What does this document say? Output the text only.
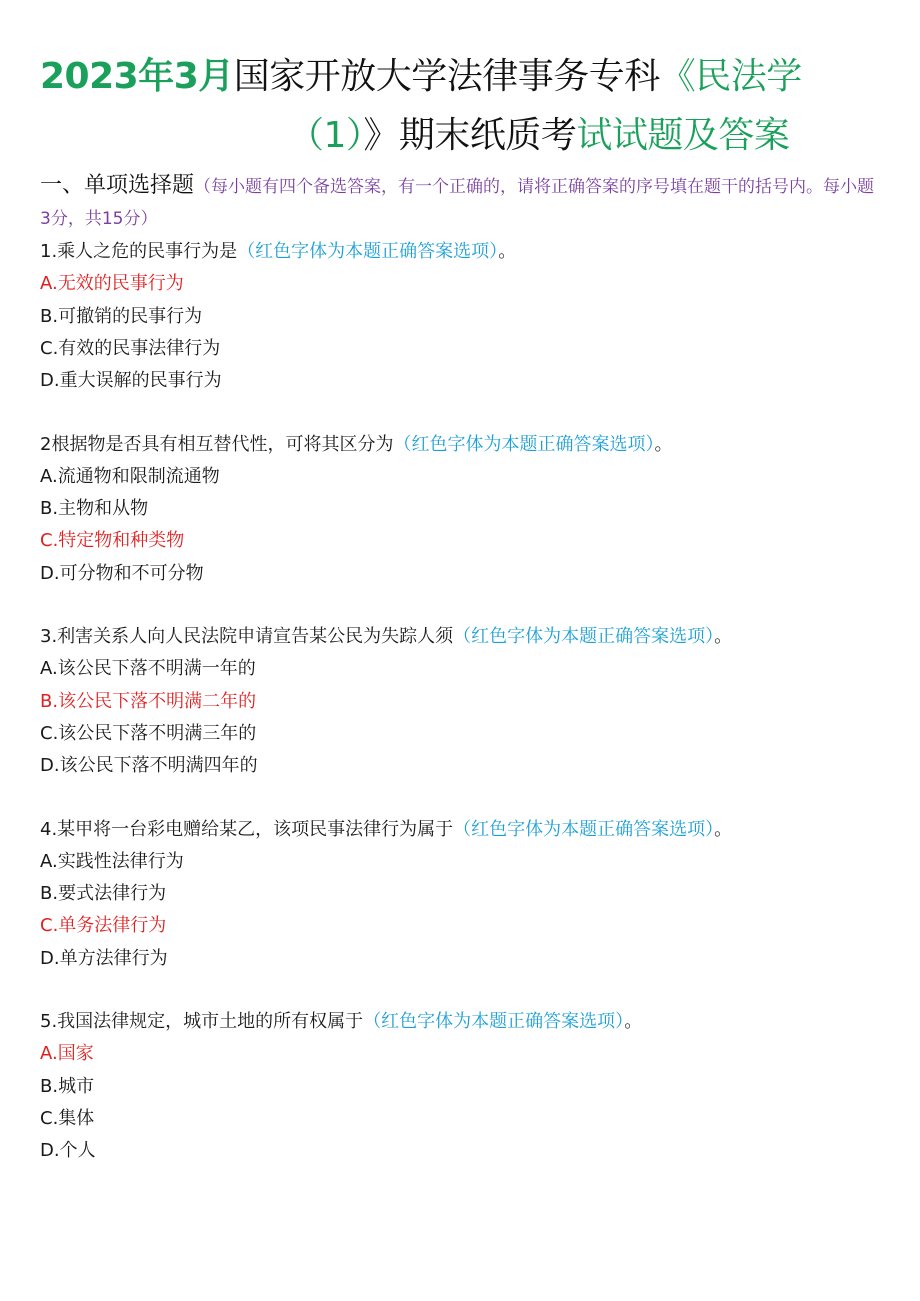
2023年3月国家开放大学法律事务专科《民法学
（1）》期末纸质考试试题及答案
一、单项选择题（每小题有四个备选答案，有一个正确的，请将正确答案的序号填在题干的括号内。每小题3分，共15分）
1.乘人之危的民事行为是（红色字体为本题正确答案选项）。
A.无效的民事行为
B.可撤销的民事行为
C.有效的民事法律行为
D.重大误解的民事行为
2根据物是否具有相互替代性，可将其区分为（红色字体为本题正确答案选项）。
A.流通物和限制流通物
B.主物和从物
C.特定物和种类物
D.可分物和不可分物
3.利害关系人向人民法院申请宣告某公民为失踪人须（红色字体为本题正确答案选项）。
A.该公民下落不明满一年的
B.该公民下落不明满二年的
C.该公民下落不明满三年的
D.该公民下落不明满四年的
4.某甲将一台彩电赠给某乙，该项民事法律行为属于（红色字体为本题正确答案选项）。
A.实践性法律行为
B.要式法律行为
C.单务法律行为
D.单方法律行为
5.我国法律规定，城市土地的所有权属于（红色字体为本题正确答案选项）。
A.国家
B.城市
C.集体
D.个人
